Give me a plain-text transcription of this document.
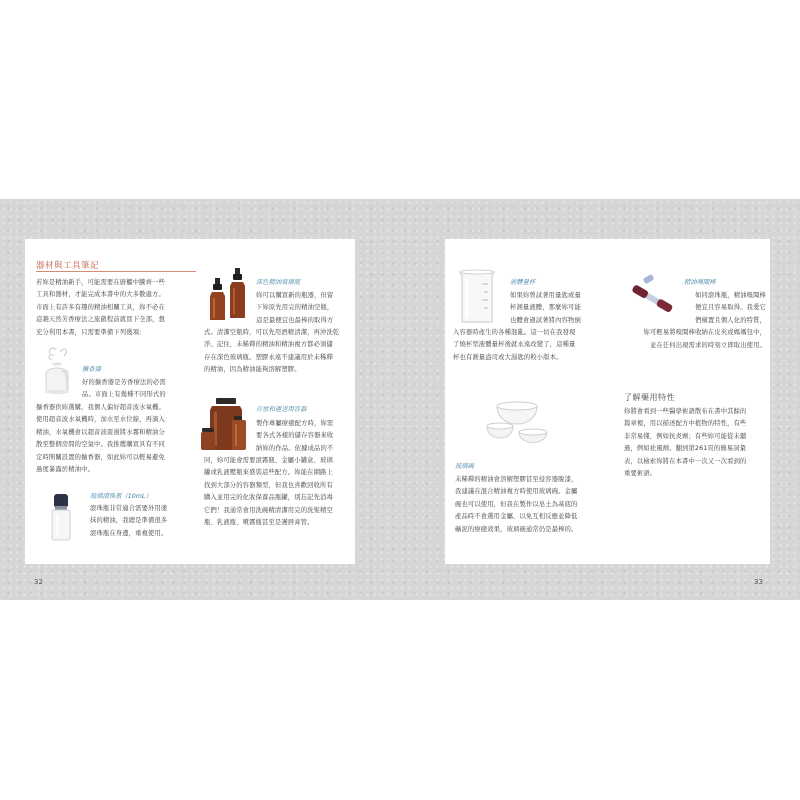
器材與工具筆記
若妳是精油新手，可能需要在廚櫃中騰齊一些
工具和器材，才能完成本書中的大多數處方。
市面上有許多有趣的精油相關工具，妳不必在
這趟天然芳香療法之旅啟程前就買下全部，想
充分利用本書，只需要準備下列幾項：
擴香器
好的擴香器是芳香療法的必需
品。市面上有幾種不同形式的
擴香器供妳選購，我個人偏好超音波水氧機。
使用超音波水氧機時，加水至水位線，再滴入
精油，水氧機會以超音波震盪將水霧和精油分
散至整個房間的空氣中。我推薦購買具有不同
定時開關設置的擴香器，如此妳可以輕易避免
過度暴露於精油中。
玻璃滾珠瓶（10mL）
滾珠瓶非常適合需要外用塗
抹的精油，我總是準備很多
滾珠瓶在身邊，重複使用。
深色精油玻璃瓶
妳可以購買新的瓶器，但留
下妳原先用完的精油空瓶，
這是最便宜也最棒的取得方
式。清潔空瓶時，可以先用酒精清潔，再沖洗乾
淨。記住，未稀釋的精油和精油複方都必須儲
存在深色玻璃瓶。塑膠永遠不建議用於未稀釋
的精油，因為精油能夠溶解塑膠。
存放和運送用容器
製作專屬療癒配方時，妳需
要各式各樣的儲存容器來收
納妳的作品。依據成品的不
同，妳可能會需要滾霧瓶、金屬小罐盒、玻璃
罐或乳液壓瓶來盛裝這些配方。妳能在網路上
找到大部分的容器類型，但我也喜歡回收所有
購入並用完的化妝保養品瓶罐，別忘記先消毒
它們！我通常會用洗碗精清潔用完的洗髮精空
瓶、乳液瓶、噴霧瓶甚至是護唇膏管。
32
液體量杯
如果妳曾試著用量匙或量
杯測量液體，那麼妳可能
也體會過試著將內容物倒
入容器時產生的各種混亂。這一切在我發現
了燒杯型液體量杯後就永遠改變了，這種量
杯也有測量盎司或大湯匙的較小版本。
精油嗅聞棒
如同滾珠瓶，精油嗅聞棒
便宜且容易取得。我愛它
們橫置且個人化的特質，
妳可輕易將嗅聞棒收納在皮夾或媽媽包中，
並在任何出現需求的時刻立即取出使用。
玻璃碗
未稀釋的精油會溶解塑膠甚至侵容器脫漆，
我建議在混合精油複方時使用玻璃碗。金屬
碗也可以使用，但我在製作以皂土為基底的
產品時不會選用金屬，以免互相反應並降低
礦泥的療癒效果，玻璃碗通常仍是最棒的。
了解藥用特性
妳將會看到一些醫學術語散布在書中其餘的
篇章裡，用以描述配方中植物的特性，有些
非常易懂，例如抗炎劑；有些妳可能從未聽
過，例如祛風劑。翻到第261頁的簡易詞彙
表，以檢索妳將在本書中一次又一次看到的
重要術語。
33
